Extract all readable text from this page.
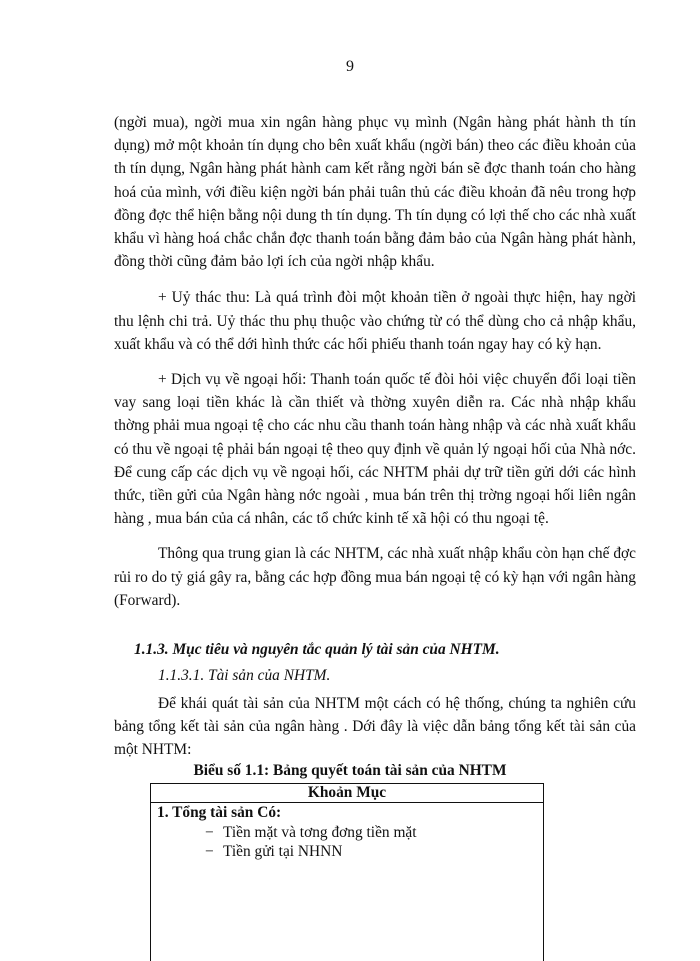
9

(ngời mua), ngời mua xin ngân hàng phục vụ mình (Ngân hàng phát hành th tín dụng) mở một khoản tín dụng cho bên xuất khẩu (ngời bán) theo các điều khoản của th tín dụng, Ngân hàng phát hành cam kết rằng ngời bán sẽ đợc thanh toán cho hàng hoá của mình, với điều kiện ngời bán phải tuân thủ các điều khoản đã nêu trong hợp đồng đợc thể hiện bằng nội dung th tín dụng. Th tín dụng có lợi thế cho các nhà xuất khẩu vì hàng hoá chắc chắn đợc thanh toán bằng đảm bảo của Ngân hàng phát hành, đồng thời cũng đảm bảo lợi ích của ngời nhập khẩu.

+ Uỷ thác thu: Là quá trình đòi một khoản tiền ở ngoài thực hiện, hay ngời thu lệnh chi trả. Uỷ thác thu phụ thuộc vào chứng từ có thể dùng cho cả nhập khẩu, xuất khẩu và có thể dới hình thức các hối phiếu thanh toán ngay hay có kỳ hạn.

+ Dịch vụ về ngoại hối: Thanh toán quốc tế đòi hỏi việc chuyển đổi loại tiền vay sang loại tiền khác là cần thiết và thờng xuyên diễn ra. Các nhà nhập khẩu thờng phải mua ngoại tệ cho các nhu cầu thanh toán hàng nhập và các nhà xuất khẩu có thu về ngoại tệ phải bán ngoại tệ theo quy định về quản lý ngoại hối của Nhà nớc. Để cung cấp các dịch vụ về ngoại hối, các NHTM phải dự trữ tiền gửi dới các hình thức, tiền gửi của Ngân hàng nớc ngoài , mua bán trên thị trờng ngoại hối liên ngân hàng , mua bán của cá nhân, các tổ chức kinh tế xã hội có thu ngoại tệ.

Thông qua trung gian là các NHTM, các nhà xuất nhập khẩu còn hạn chế đợc rủi ro do tỷ giá gây ra, bằng các hợp đồng mua bán ngoại tệ có kỳ hạn với ngân hàng (Forward).

1.1.3. Mục tiêu và nguyên tắc quản lý tài sản của NHTM.
1.1.3.1. Tài sản của NHTM.
Để khái quát tài sản của NHTM một cách có hệ thống, chúng ta nghiên cứu bảng tổng kết tài sản của ngân hàng . Dới đây là việc dẫn bảng tổng kết tài sản của một NHTM:
Biểu số 1.1: Bảng quyết toán tài sản của NHTM
Khoản Mục
1. Tổng tài sản Có:
− Tiền mặt và tơng đơng tiền mặt
− Tiền gửi tại NHNN
